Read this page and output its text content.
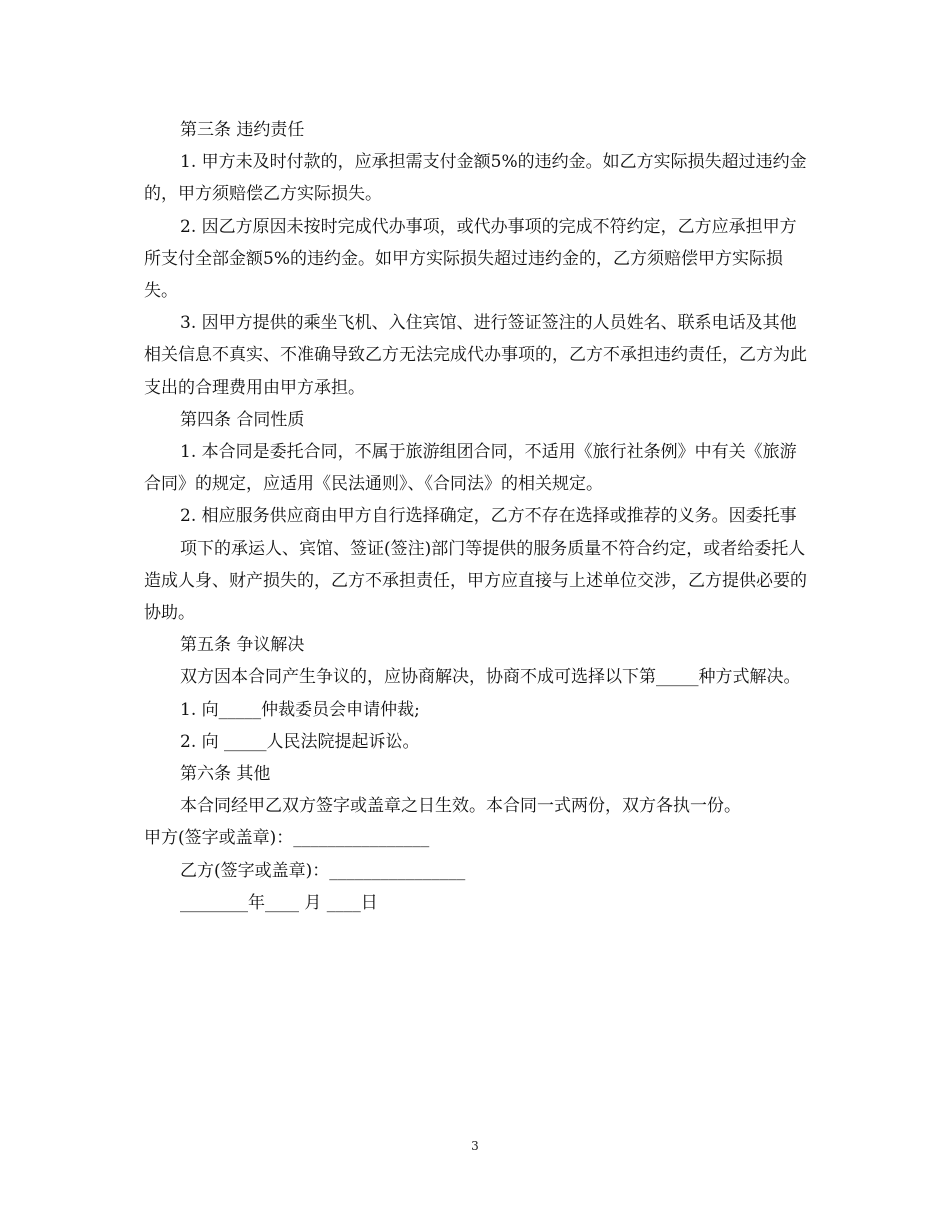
第三条 违约责任

1. 甲方未及时付款的，应承担需支付金额5%的违约金。如乙方实际损失超过违约金的，甲方须赔偿乙方实际损失。

2. 因乙方原因未按时完成代办事项，或代办事项的完成不符约定，乙方应承担甲方所支付全部金额5%的违约金。如甲方实际损失超过违约金的，乙方须赔偿甲方实际损失。

3. 因甲方提供的乘坐飞机、入住宾馆、进行签证签注的人员姓名、联系电话及其他相关信息不真实、不准确导致乙方无法完成代办事项的，乙方不承担违约责任，乙方为此支出的合理费用由甲方承担。

第四条 合同性质

1. 本合同是委托合同，不属于旅游组团合同，不适用《旅行社条例》中有关《旅游合同》的规定，应适用《民法通则》、《合同法》的相关规定。

2. 相应服务供应商由甲方自行选择确定，乙方不存在选择或推荐的义务。因委托事

项下的承运人、宾馆、签证(签注)部门等提供的服务质量不符合约定，或者给委托人造成人身、财产损失的，乙方不承担责任，甲方应直接与上述单位交涉，乙方提供必要的协助。

第五条 争议解决

双方因本合同产生争议的，应协商解决，协商不成可选择以下第_____种方式解决。

1. 向_____仲裁委员会申请仲裁;

2. 向 _____人民法院提起诉讼。

第六条 其他

本合同经甲乙双方签字或盖章之日生效。本合同一式两份，双方各执一份。

甲方(签字或盖章)：________________

乙方(签字或盖章)：________________

________年____ 月 ____日

3
